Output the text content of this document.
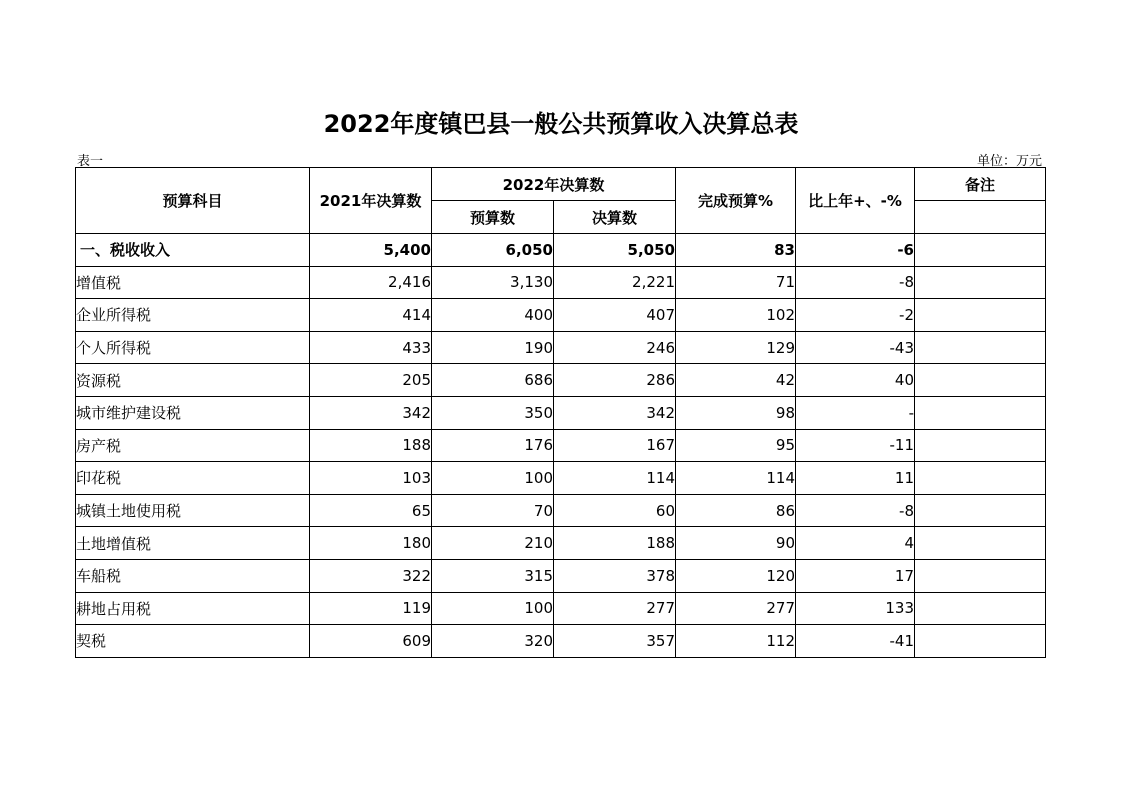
2022年度镇巴县一般公共预算收入决算总表
表一	单位：万元
预算科目	2021年决算数	2022年决算数		完成预算%	比上年+、-%	备注
		预算数	决算数			
一、税收收入	5,400	6,050	5,050	83	-6	
增值税	2,416	3,130	2,221	71	-8	
企业所得税	414	400	407	102	-2	
个人所得税	433	190	246	129	-43	
资源税	205	686	286	42	40	
城市维护建设税	342	350	342	98	-	
房产税	188	176	167	95	-11	
印花税	103	100	114	114	11	
城镇土地使用税	65	70	60	86	-8	
土地增值税	180	210	188	90	4	
车船税	322	315	378	120	17	
耕地占用税	119	100	277	277	133	
契税	609	320	357	112	-41	
